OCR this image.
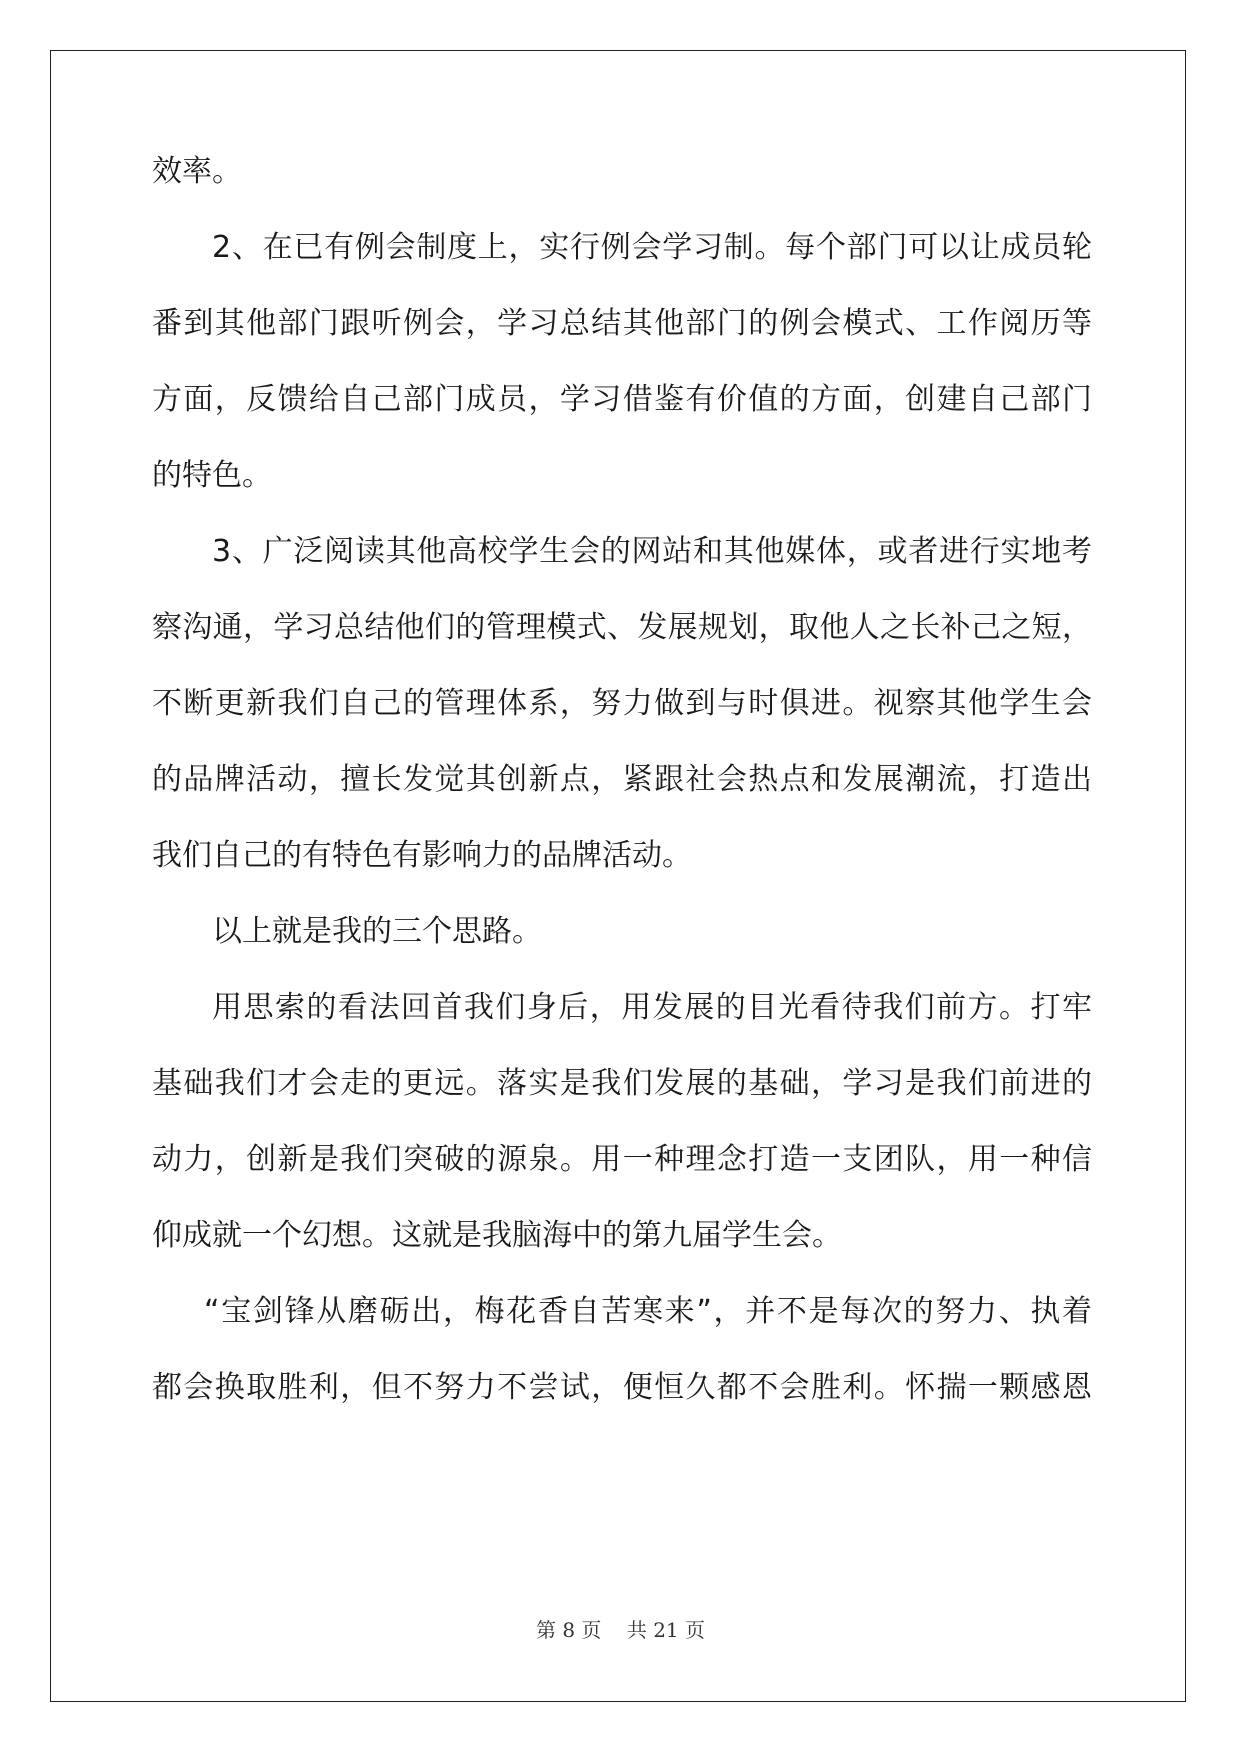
效率。

2、在已有例会制度上，实行例会学习制。每个部门可以让成员轮

番到其他部门跟听例会，学习总结其他部门的例会模式、工作阅历等

方面，反馈给自己部门成员，学习借鉴有价值的方面，创建自己部门

的特色。

3、广泛阅读其他高校学生会的网站和其他媒体，或者进行实地考

察沟通，学习总结他们的管理模式、发展规划，取他人之长补己之短，

不断更新我们自己的管理体系，努力做到与时俱进。视察其他学生会

的品牌活动，擅长发觉其创新点，紧跟社会热点和发展潮流，打造出

我们自己的有特色有影响力的品牌活动。

以上就是我的三个思路。

用思索的看法回首我们身后，用发展的目光看待我们前方。打牢

基础我们才会走的更远。落实是我们发展的基础，学习是我们前进的

动力，创新是我们突破的源泉。用一种理念打造一支团队，用一种信

仰成就一个幻想。这就是我脑海中的第九届学生会。

“宝剑锋从磨砺出，梅花香自苦寒来”，并不是每次的努力、执着

都会换取胜利，但不努力不尝试，便恒久都不会胜利。怀揣一颗感恩

第 8 页    共 21 页
